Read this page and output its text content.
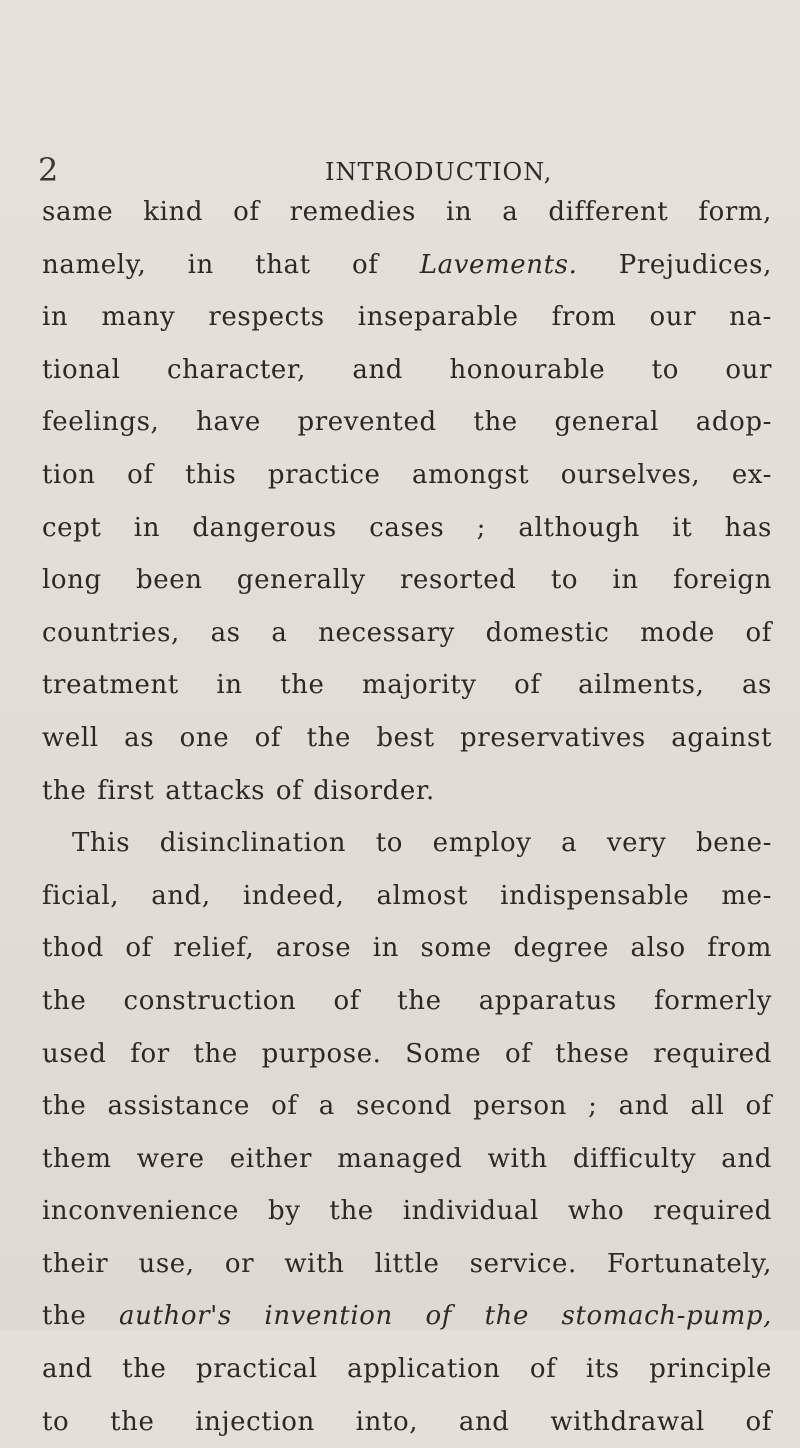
2	INTRODUCTION,
same kind of remedies in a different form,
namely, in that of Lavements. Prejudices,
in many respects inseparable from our na-
tional character, and honourable to our
feelings, have prevented the general adop-
tion of this practice amongst ourselves, ex-
cept in dangerous cases ; although it has
long been generally resorted to in foreign
countries, as a necessary domestic mode of
treatment in the majority of ailments, as
well as one of the best preservatives against
the first attacks of disorder.
This disinclination to employ a very bene-
ficial, and, indeed, almost indispensable me-
thod of relief, arose in some degree also from
the construction of the apparatus formerly
used for the purpose. Some of these required
the assistance of a second person ; and all of
them were either managed with difficulty and
inconvenience by the individual who required
their use, or with little service. Fortunately,
the author's invention of the stomach-pump,
and the practical application of its principle
to the injection into, and withdrawal of
